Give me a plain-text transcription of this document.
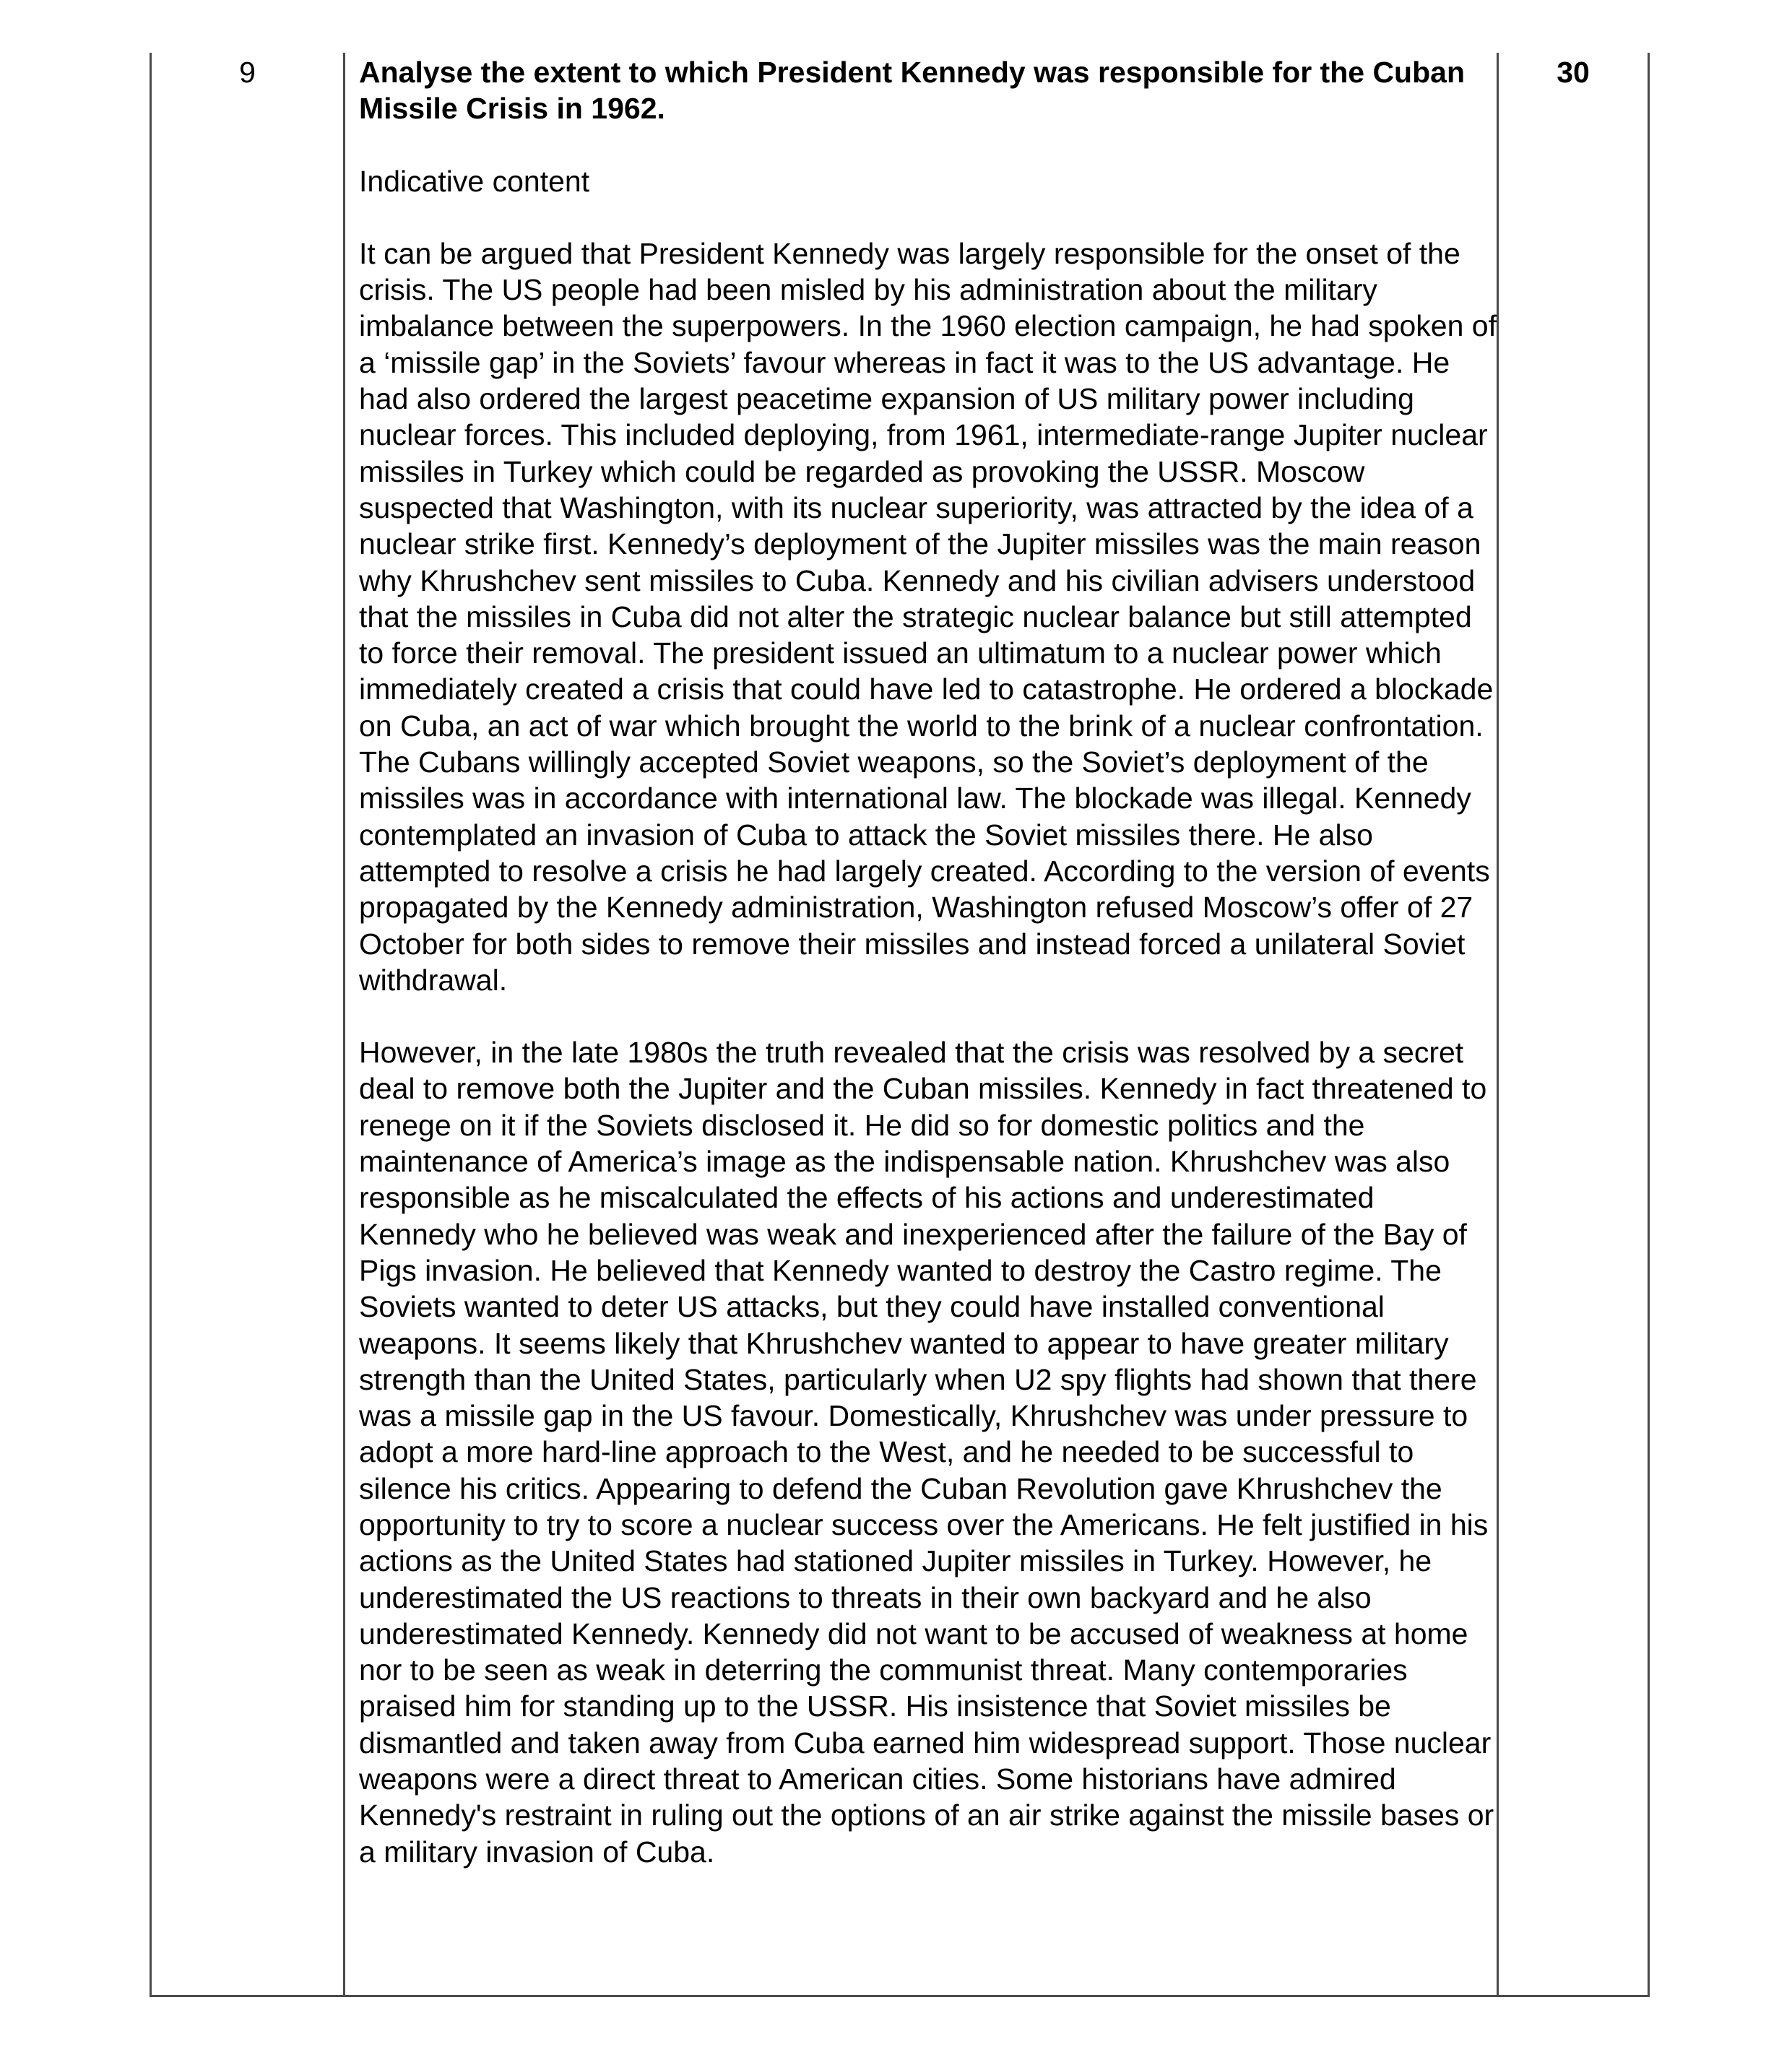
9	Analyse the extent to which President Kennedy was responsible for the Cuban Missile Crisis in 1962.

Indicative content

It can be argued that President Kennedy was largely responsible for the onset of the crisis. The US people had been misled by his administration about the military imbalance between the superpowers. In the 1960 election campaign, he had spoken of a ‘missile gap’ in the Soviets’ favour whereas in fact it was to the US advantage. He had also ordered the largest peacetime expansion of US military power including nuclear forces. This included deploying, from 1961, intermediate-range Jupiter nuclear missiles in Turkey which could be regarded as provoking the USSR. Moscow suspected that Washington, with its nuclear superiority, was attracted by the idea of a nuclear strike first. Kennedy’s deployment of the Jupiter missiles was the main reason why Khrushchev sent missiles to Cuba. Kennedy and his civilian advisers understood that the missiles in Cuba did not alter the strategic nuclear balance but still attempted to force their removal. The president issued an ultimatum to a nuclear power which immediately created a crisis that could have led to catastrophe. He ordered a blockade on Cuba, an act of war which brought the world to the brink of a nuclear confrontation. The Cubans willingly accepted Soviet weapons, so the Soviet’s deployment of the missiles was in accordance with international law. The blockade was illegal. Kennedy contemplated an invasion of Cuba to attack the Soviet missiles there. He also attempted to resolve a crisis he had largely created. According to the version of events propagated by the Kennedy administration, Washington refused Moscow’s offer of 27 October for both sides to remove their missiles and instead forced a unilateral Soviet withdrawal.

However, in the late 1980s the truth revealed that the crisis was resolved by a secret deal to remove both the Jupiter and the Cuban missiles. Kennedy in fact threatened to renege on it if the Soviets disclosed it. He did so for domestic politics and the maintenance of America’s image as the indispensable nation. Khrushchev was also responsible as he miscalculated the effects of his actions and underestimated Kennedy who he believed was weak and inexperienced after the failure of the Bay of Pigs invasion. He believed that Kennedy wanted to destroy the Castro regime. The Soviets wanted to deter US attacks, but they could have installed conventional weapons. It seems likely that Khrushchev wanted to appear to have greater military strength than the United States, particularly when U2 spy flights had shown that there was a missile gap in the US favour. Domestically, Khrushchev was under pressure to adopt a more hard-line approach to the West, and he needed to be successful to silence his critics. Appearing to defend the Cuban Revolution gave Khrushchev the opportunity to try to score a nuclear success over the Americans. He felt justified in his actions as the United States had stationed Jupiter missiles in Turkey. However, he underestimated the US reactions to threats in their own backyard and he also underestimated Kennedy. Kennedy did not want to be accused of weakness at home nor to be seen as weak in deterring the communist threat. Many contemporaries praised him for standing up to the USSR. His insistence that Soviet missiles be dismantled and taken away from Cuba earned him widespread support. Those nuclear weapons were a direct threat to American cities. Some historians have admired Kennedy's restraint in ruling out the options of an air strike against the missile bases or a military invasion of Cuba.

30
